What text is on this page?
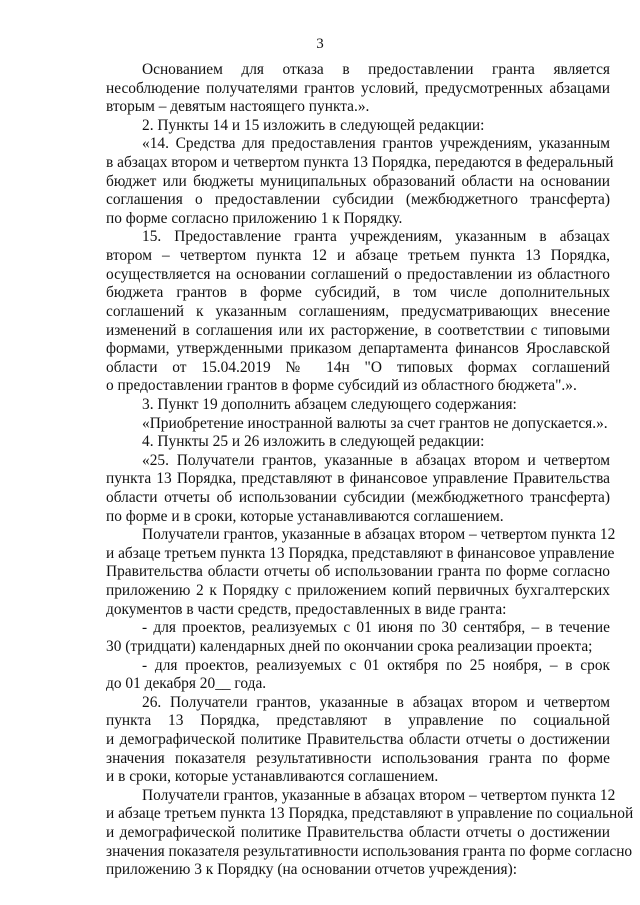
3
Основанием для отказа в предоставлении гранта является
несоблюдение получателями грантов условий, предусмотренных абзацами
вторым – девятым настоящего пункта.».
2. Пункты 14 и 15 изложить в следующей редакции:
«14. Средства для предоставления грантов учреждениям, указанным
в абзацах втором и четвертом пункта 13 Порядка, передаются в федеральный
бюджет или бюджеты муниципальных образований области на основании
соглашения о предоставлении субсидии (межбюджетного трансферта)
по форме согласно приложению 1 к Порядку.
15. Предоставление гранта учреждениям, указанным в абзацах
втором – четвертом пункта 12 и абзаце третьем пункта 13 Порядка,
осуществляется на основании соглашений о предоставлении из областного
бюджета грантов в форме субсидий, в том числе дополнительных
соглашений к указанным соглашениям, предусматривающих внесение
изменений в соглашения или их расторжение, в соответствии с типовыми
формами, утвержденными приказом департамента финансов Ярославской
области от 15.04.2019 № 14н "О типовых формах соглашений
о предоставлении грантов в форме субсидий из областного бюджета".».
3. Пункт 19 дополнить абзацем следующего содержания:
«Приобретение иностранной валюты за счет грантов не допускается.».
4. Пункты 25 и 26 изложить в следующей редакции:
«25. Получатели грантов, указанные в абзацах втором и четвертом
пункта 13 Порядка, представляют в финансовое управление Правительства
области отчеты об использовании субсидии (межбюджетного трансферта)
по форме и в сроки, которые устанавливаются соглашением.
Получатели грантов, указанные в абзацах втором – четвертом пункта 12
и абзаце третьем пункта 13 Порядка, представляют в финансовое управление
Правительства области отчеты об использовании гранта по форме согласно
приложению 2 к Порядку с приложением копий первичных бухгалтерских
документов в части средств, предоставленных в виде гранта:
- для проектов, реализуемых с 01 июня по 30 сентября, – в течение
30 (тридцати) календарных дней по окончании срока реализации проекта;
- для проектов, реализуемых с 01 октября по 25 ноября, – в срок
до 01 декабря 20__ года.
26. Получатели грантов, указанные в абзацах втором и четвертом
пункта 13 Порядка, представляют в управление по социальной
и демографической политике Правительства области отчеты о достижении
значения показателя результативности использования гранта по форме
и в сроки, которые устанавливаются соглашением.
Получатели грантов, указанные в абзацах втором – четвертом пункта 12
и абзаце третьем пункта 13 Порядка, представляют в управление по социальной
и демографической политике Правительства области отчеты о достижении
значения показателя результативности использования гранта по форме согласно
приложению 3 к Порядку (на основании отчетов учреждения):
